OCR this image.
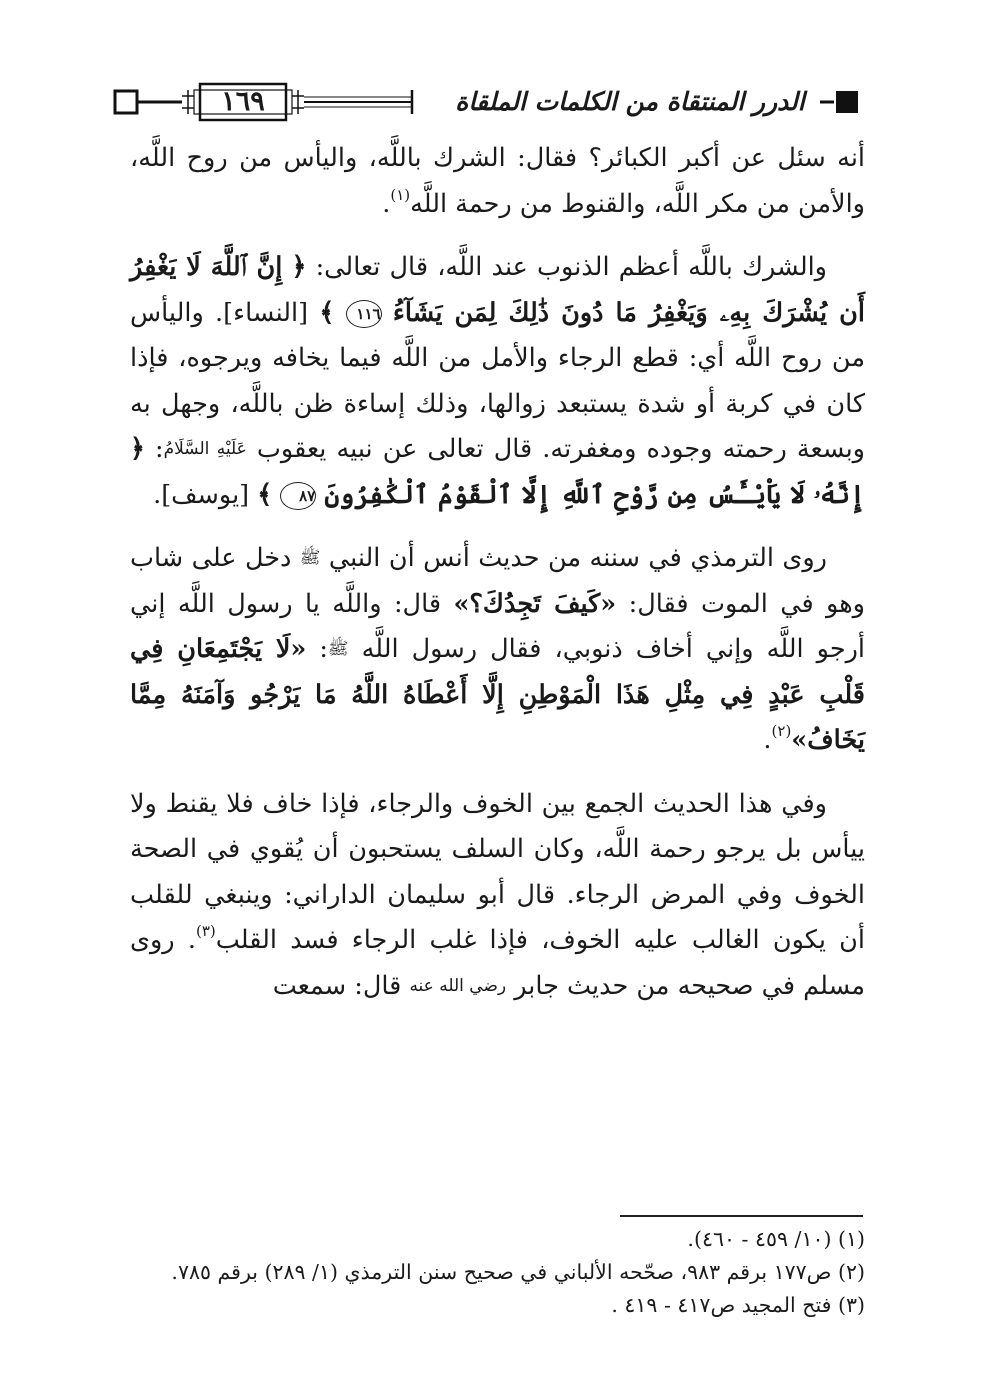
١٦٩	الدرر المنتقاة من الكلمات الملقاة

أنه سئل عن أكبر الكبائر؟ فقال: الشرك باللَّه، واليأس من روح اللَّه، والأمن من مكر اللَّه، والقنوط من رحمة اللَّه$^{(١)}$.

والشرك باللَّه أعظم الذنوب عند اللَّه، قال تعالى: ﴿ إِنَّ ٱللَّهَ لَا يَغْفِرُ أَن يُشْرَكَ بِهِۦ وَيَغْفِرُ مَا دُونَ ذَٰلِكَ لِمَن يَشَآءُ ١١٦ ﴾ [النساء]. واليأس من روح اللَّه أي: قطع الرجاء والأمل من اللَّه فيما يخافه ويرجوه، فإذا كان في كربة أو شدة يستبعد زوالها، وذلك إساءة ظن باللَّه، وجهل به وبسعة رحمته وجوده ومغفرته. قال تعالى عن نبيه يعقوب عَلَيْهِ السَّلَامُ: ﴿ إِنَّهُۥ لَا يَاْيْـَٔسُ مِن رَّوْحِ ٱللَّهِ إِلَّا ٱلْقَوْمُ ٱلْكَٰفِرُونَ ٨٧ ﴾ [يوسف].

روى الترمذي في سننه من حديث أنس أن النبي ﷺ دخل على شاب وهو في الموت فقال: «كَيفَ تَجِدُكَ؟» قال: واللَّه يا رسول اللَّه إني أرجو اللَّه وإني أخاف ذنوبي، فقال رسول اللَّه ﷺ: «لَا يَجْتَمِعَانِ فِي قَلْبِ عَبْدٍ فِي مِثْلِ هَذَا الْمَوْطِنِ إِلَّا أَعْطَاهُ اللَّهُ مَا يَرْجُو وَآمَنَهُ مِمَّا يَخَافُ»$^{(٢)}$.

وفي هذا الحديث الجمع بين الخوف والرجاء، فإذا خاف فلا يقنط ولا ييأس بل يرجو رحمة اللَّه، وكان السلف يستحبون أن يُقوي في الصحة الخوف وفي المرض الرجاء. قال أبو سليمان الداراني: وينبغي للقلب أن يكون الغالب عليه الخوف، فإذا غلب الرجاء فسد القلب$^{(٣)}$. روى مسلم في صحيحه من حديث جابر رضي الله عنه قال: سمعت

(١) (١٠/ ٤٥٩ - ٤٦٠).
(٢) ص١٧٧ برقم ٩٨٣، صحّحه الألباني في صحيح سنن الترمذي (١/ ٢٨٩) برقم ٧٨٥.
(٣) فتح المجيد ص٤١٧ - ٤١٩ .
